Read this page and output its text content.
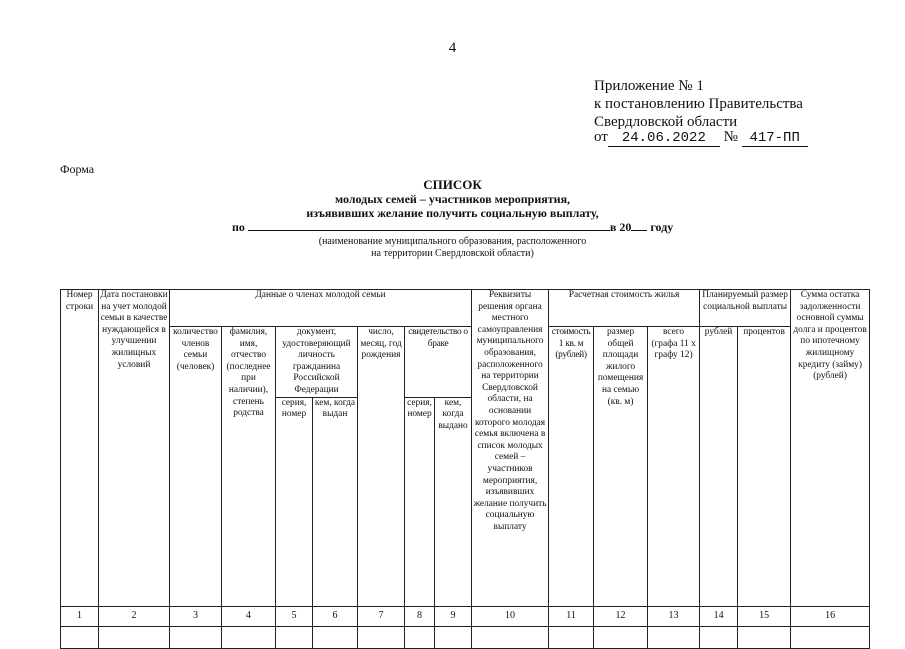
4
Приложение № 1
к постановлению Правительства
Свердловской области
от 24.06.2022 № 417-ПП
Форма
СПИСОК
молодых семей – участников мероприятия,
изъявивших желание получить социальную выплату,
по	в 20 году
(наименование муниципального образования, расположенного
на территории Свердловской области)
Номер строки	Дата постановки на учет молодой семьи в качестве нуждающейся в улучшении жилищных условий	Данные о членах молодой семьи							Реквизиты решения органа местного самоуправления муниципального образования, расположенного на территории Свердловской области, на основании которого молодая семья включена в список молодых семей – участников мероприятия, изъявивших желание получить социальную выплату	Расчетная стоимость жилья			Планируемый размер социальной выплаты		Сумма остатка задолженности основной суммы долга и процентов по ипотечному жилищному кредиту (займу) (рублей)
		количество членов семьи (человек)	фамилия, имя, отчество (последнее при наличии), степень родства	документ, удостоверяющий личность гражданина Российской Федерации		число, месяц, год рождения	свидетельство о браке			стоимость 1 кв. м (рублей)	размер общей площади жилого помещения на семью (кв. м)	всего (графа 11 х графу 12)	рублей	процентов	
				серия, номер	кем, когда выдан		серия, номер	кем, когда выдано							
1	2	3	4	5	6	7	8	9	10	11	12	13	14	15	16
